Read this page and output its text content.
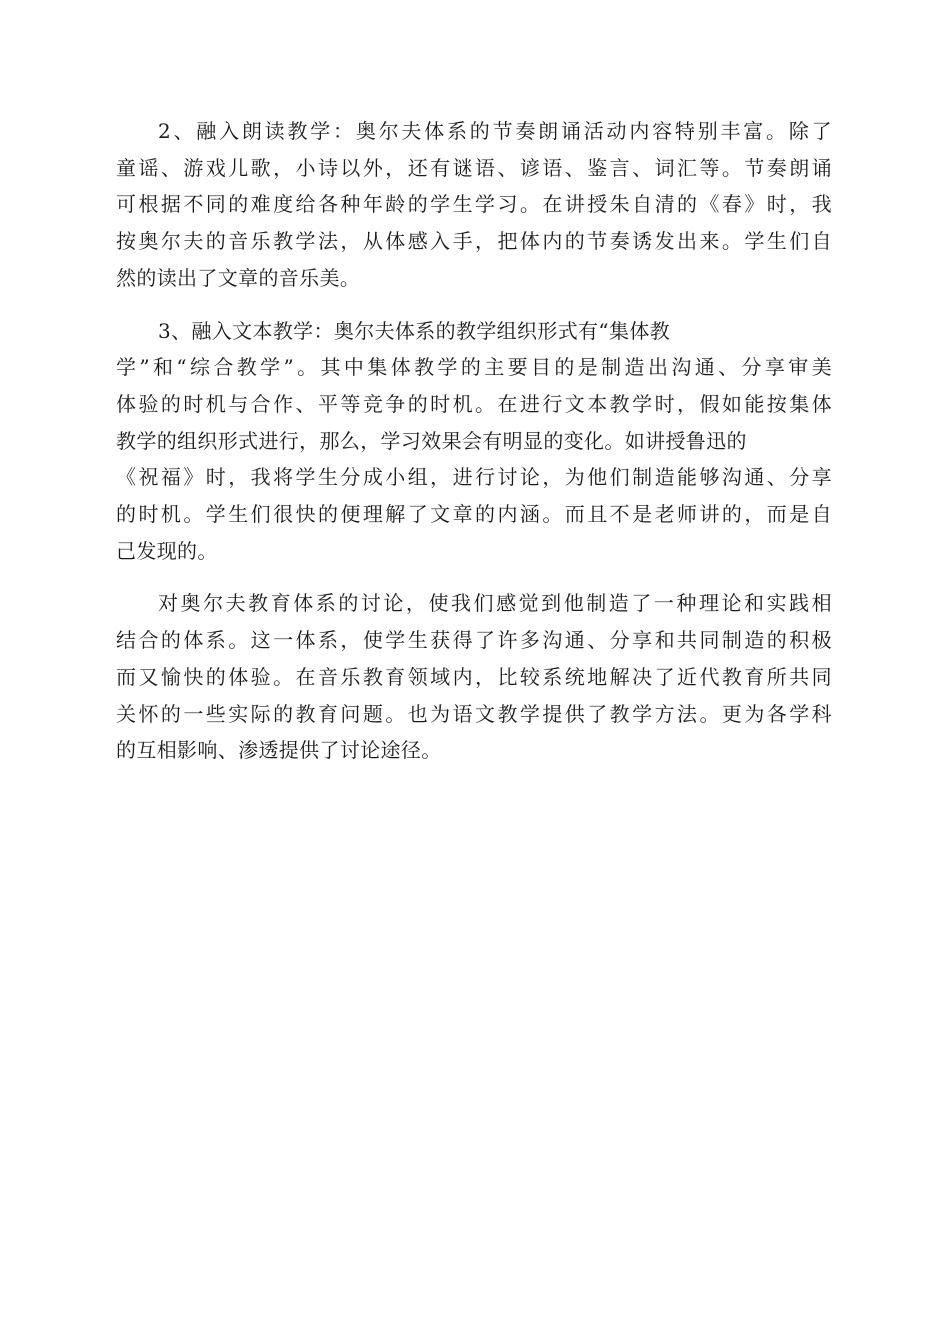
2、融入朗读教学：奥尔夫体系的节奏朗诵活动内容特别丰富。除了
童谣、游戏儿歌，小诗以外，还有谜语、谚语、鉴言、词汇等。节奏朗诵
可根据不同的难度给各种年龄的学生学习。在讲授朱自清的《春》时，我
按奥尔夫的音乐教学法，从体感入手，把体内的节奏诱发出来。学生们自
然的读出了文章的音乐美。
3、融入文本教学：奥尔夫体系的教学组织形式有“集体教
学”和“综合教学”。其中集体教学的主要目的是制造出沟通、分享审美
体验的时机与合作、平等竞争的时机。在进行文本教学时，假如能按集体
教学的组织形式进行，那么，学习效果会有明显的变化。如讲授鲁迅的
《祝福》时，我将学生分成小组，进行讨论，为他们制造能够沟通、分享
的时机。学生们很快的便理解了文章的内涵。而且不是老师讲的，而是自
己发现的。
对奥尔夫教育体系的讨论，使我们感觉到他制造了一种理论和实践相
结合的体系。这一体系，使学生获得了许多沟通、分享和共同制造的积极
而又愉快的体验。在音乐教育领域内，比较系统地解决了近代教育所共同
关怀的一些实际的教育问题。也为语文教学提供了教学方法。更为各学科
的互相影响、渗透提供了讨论途径。
